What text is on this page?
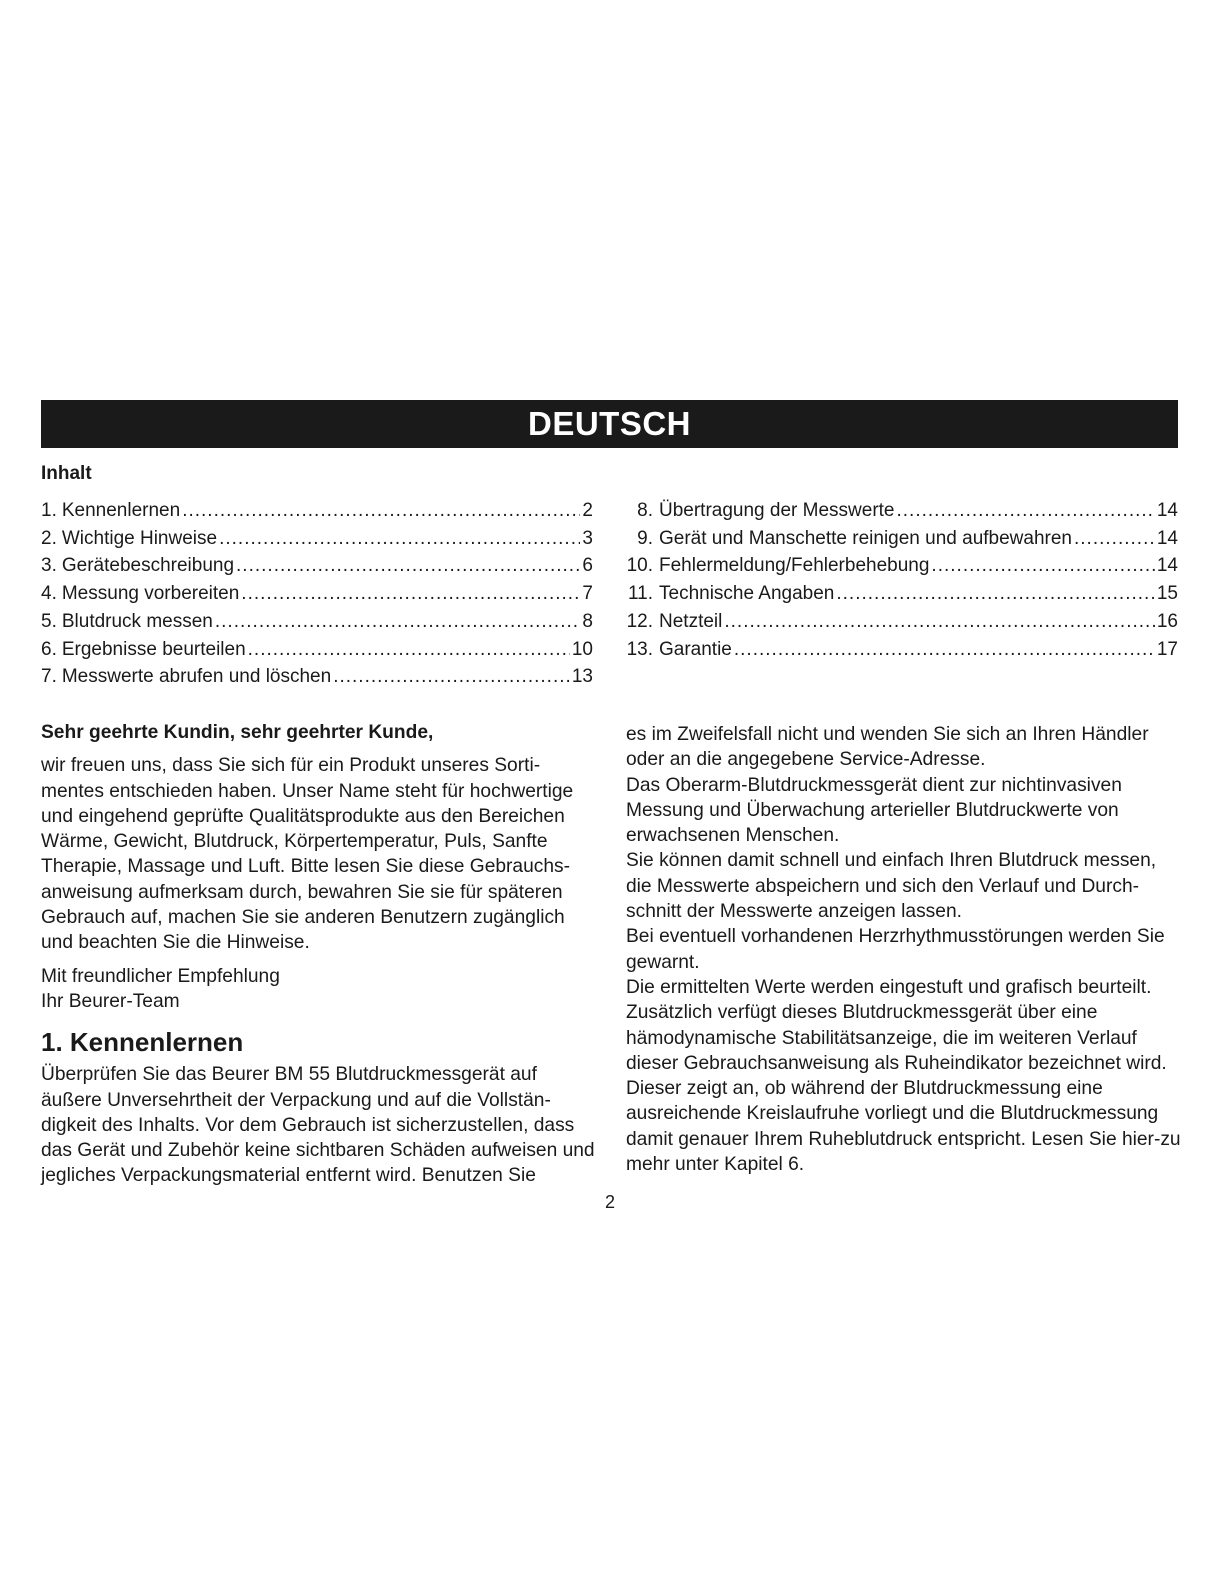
DEUTSCH
Inhalt
1. Kennenlernen .....	2
2. Wichtige Hinweise .....	3
3. Gerätebeschreibung .....	6
4. Messung vorbereiten .....	7
5. Blutdruck messen .....	8
6. Ergebnisse beurteilen .....	10
7. Messwerte abrufen und löschen .....	13
8. Übertragung der Messwerte .....	14
9. Gerät und Manschette reinigen und aufbewahren .....	14
10. Fehlermeldung/Fehlerbehebung .....	14
11. Technische Angaben .....	15
12. Netzteil .....	16
13. Garantie .....	17

Sehr geehrte Kundin, sehr geehrter Kunde,

wir freuen uns, dass Sie sich für ein Produkt unseres Sorti-mentes entschieden haben. Unser Name steht für hochwertige und eingehend geprüfte Qualitätsprodukte aus den Bereichen Wärme, Gewicht, Blutdruck, Körpertemperatur, Puls, Sanfte Therapie, Massage und Luft. Bitte lesen Sie diese Gebrauchs-anweisung aufmerksam durch, bewahren Sie sie für späteren Gebrauch auf, machen Sie sie anderen Benutzern zugänglich und beachten Sie die Hinweise.

Mit freundlicher Empfehlung

Ihr Beurer-Team

1. Kennenlernen

Überprüfen Sie das Beurer BM 55 Blutdruckmessgerät auf äußere Unversehrtheit der Verpackung und auf die Vollstän-digkeit des Inhalts. Vor dem Gebrauch ist sicherzustellen, dass das Gerät und Zubehör keine sichtbaren Schäden aufweisen und jegliches Verpackungsmaterial entfernt wird. Benutzen Sie

es im Zweifelsfall nicht und wenden Sie sich an Ihren Händler oder an die angegebene Service-Adresse.

Das Oberarm-Blutdruckmessgerät dient zur nichtinvasiven Messung und Überwachung arterieller Blutdruckwerte von erwachsenen Menschen.

Sie können damit schnell und einfach Ihren Blutdruck messen, die Messwerte abspeichern und sich den Verlauf und Durch-schnitt der Messwerte anzeigen lassen.

Bei eventuell vorhandenen Herzrhythmusstörungen werden Sie gewarnt.

Die ermittelten Werte werden eingestuft und grafisch beurteilt. Zusätzlich verfügt dieses Blutdruckmessgerät über eine hämodynamische Stabilitätsanzeige, die im weiteren Verlauf dieser Gebrauchsanweisung als Ruheindikator bezeichnet wird. Dieser zeigt an, ob während der Blutdruckmessung eine ausreichende Kreislaufruhe vorliegt und die Blutdruckmessung damit genauer Ihrem Ruheblutdruck entspricht. Lesen Sie hier-zu mehr unter Kapitel 6.

2
